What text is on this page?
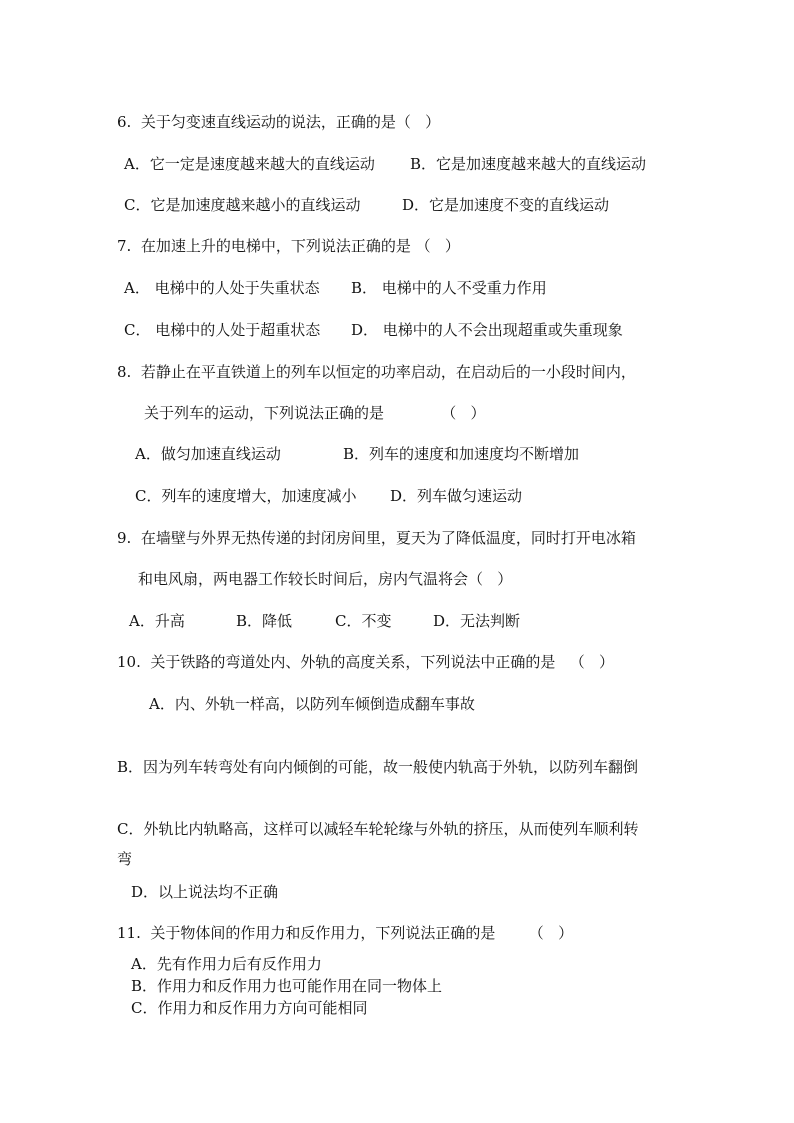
6.  关于匀变速直线运动的说法，正确的是（   ）
A．它一定是速度越来越大的直线运动 B．它是加速度越来越大的直线运动
C．它是加速度越来越小的直线运动	D．它是加速度不变的直线运动
7.  在加速上升的电梯中，下列说法正确的是 （   ）
A． 电梯中的人处于失重状态 B． 电梯中的人不受重力作用
C． 电梯中的人处于超重状态 D． 电梯中的人不会出现超重或失重现象
8.  若静止在平直铁道上的列车以恒定的功率启动，在启动后的一小段时间内，
关于列车的运动，下列说法正确的是            （   ）
A．做匀加速直线运动	B．列车的速度和加速度均不断增加
C．列车的速度增大，加速度减小 D．列车做匀速运动
9.  在墙壁与外界无热传递的封闭房间里，夏天为了降低温度，同时打开电冰箱
和电风扇，两电器工作较长时间后，房内气温将会（   ）
A．升高	B．降低	C．不变	D．无法判断
10.  关于铁路的弯道处内、外轨的高度关系，下列说法中正确的是   （   ）
A．内、外轨一样高，以防列车倾倒造成翻车事故
B．因为列车转弯处有向内倾倒的可能，故一般使内轨高于外轨，以防列车翻倒
C．外轨比内轨略高，这样可以减轻车轮轮缘与外轨的挤压，从而使列车顺利转
弯
D．以上说法均不正确
11.  关于物体间的作用力和反作用力，下列说法正确的是       （   ）
A．先有作用力后有反作用力
B．作用力和反作用力也可能作用在同一物体上
C．作用力和反作用力方向可能相同
